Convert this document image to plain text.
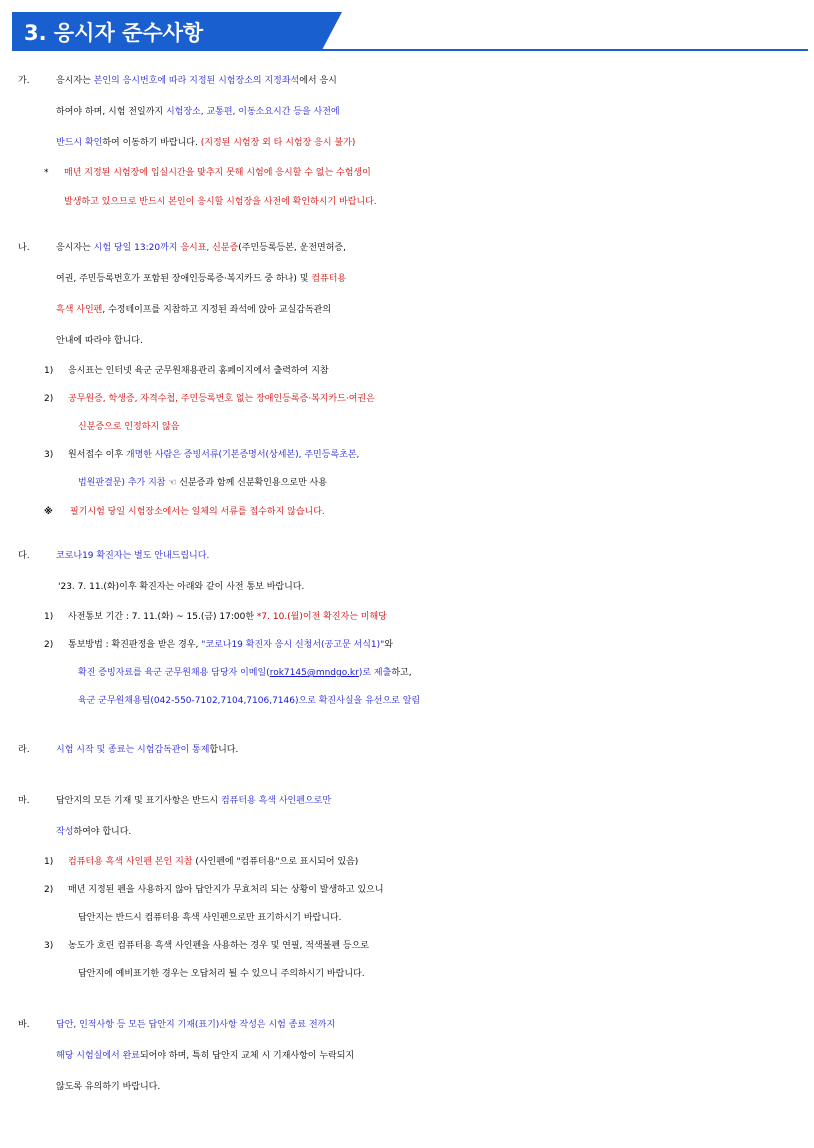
3. 응시자 준수사항
가.	응시자는 본인의 응시번호에 따라 지정된 시험장소의 지정좌석에서 응시
하여야 하며, 시험 전일까지 시험장소, 교통편, 이동소요시간 등을 사전에
반드시 확인하여 이동하기 바랍니다. (지정된 시험장 외 타 시험장 응시 불가)
* 매년 지정된 시험장에 입실시간을 맞추지 못해 시험에 응시할 수 없는 수험생이
발생하고 있으므로 반드시 본인이 응시할 시험장을 사전에 확인하시기 바랍니다.
나.	응시자는 시험 당일 13:20까지 응시표, 신분증(주민등록등본, 운전면허증,
여권, 주민등록번호가 포함된 장애인등록증·복지카드 중 하나) 및 컴퓨터용
흑색 사인펜, 수정테이프를 지참하고 지정된 좌석에 앉아 교실감독관의
안내에 따라야 합니다.
1) 응시표는 인터넷 육군 군무원채용관리 홈페이지에서 출력하여 지참
2) 공무원증, 학생증, 자격수첩, 주민등록번호 없는 장애인등록증·복지카드·여권은
신분증으로 인정하지 않음
3) 원서접수 이후 개명한 사람은 증빙서류(기본증명서(상세본), 주민등록초본,
법원판결문) 추가 지참 ☜ 신분증과 함께 신분확인용으로만 사용
※ 필기시험 당일 시험장소에서는 일체의 서류를 접수하지 않습니다.
다.	코로나19 확진자는 별도 안내드립니다.
'23. 7. 11.(화)이후 확진자는 아래와 같이 사전 통보 바랍니다.
1) 사전통보 기간 : 7. 11.(화) ~ 15.(금) 17:00한 *7. 10.(월)이전 확진자는 미해당
2) 통보방법 : 확진판정을 받은 경우, "코로나19 확진자 응시 신청서(공고문 서식1)"와
확진 증빙자료를 육군 군무원채용 담당자 이메일(rok7145@mndgo.kr)로 제출하고,
육군 군무원채용팀(042-550-7102,7104,7106,7146)으로 확진사실을 유선으로 알림
라.	시험 시작 및 종료는 시험감독관이 통제합니다.
마.	답안지의 모든 기재 및 표기사항은 반드시 컴퓨터용 흑색 사인펜으로만
작성하여야 합니다.
1) 컴퓨터용 흑색 사인펜 본인 지참 (사인펜에 "컴퓨터용"으로 표시되어 있음)
2) 매년 지정된 펜을 사용하지 않아 답안지가 무효처리 되는 상황이 발생하고 있으니
답안지는 반드시 컴퓨터용 흑색 사인펜으로만 표기하시기 바랍니다.
3) 농도가 흐린 컴퓨터용 흑색 사인펜을 사용하는 경우 및 연필, 적색볼펜 등으로
답안지에 예비표기한 경우는 오답처리 될 수 있으니 주의하시기 바랍니다.
바.	답안, 인적사항 등 모든 답안지 기재(표기)사항 작성은 시험 종료 전까지
해당 시험실에서 완료되어야 하며, 특히 답안지 교체 시 기재사항이 누락되지
않도록 유의하기 바랍니다.
